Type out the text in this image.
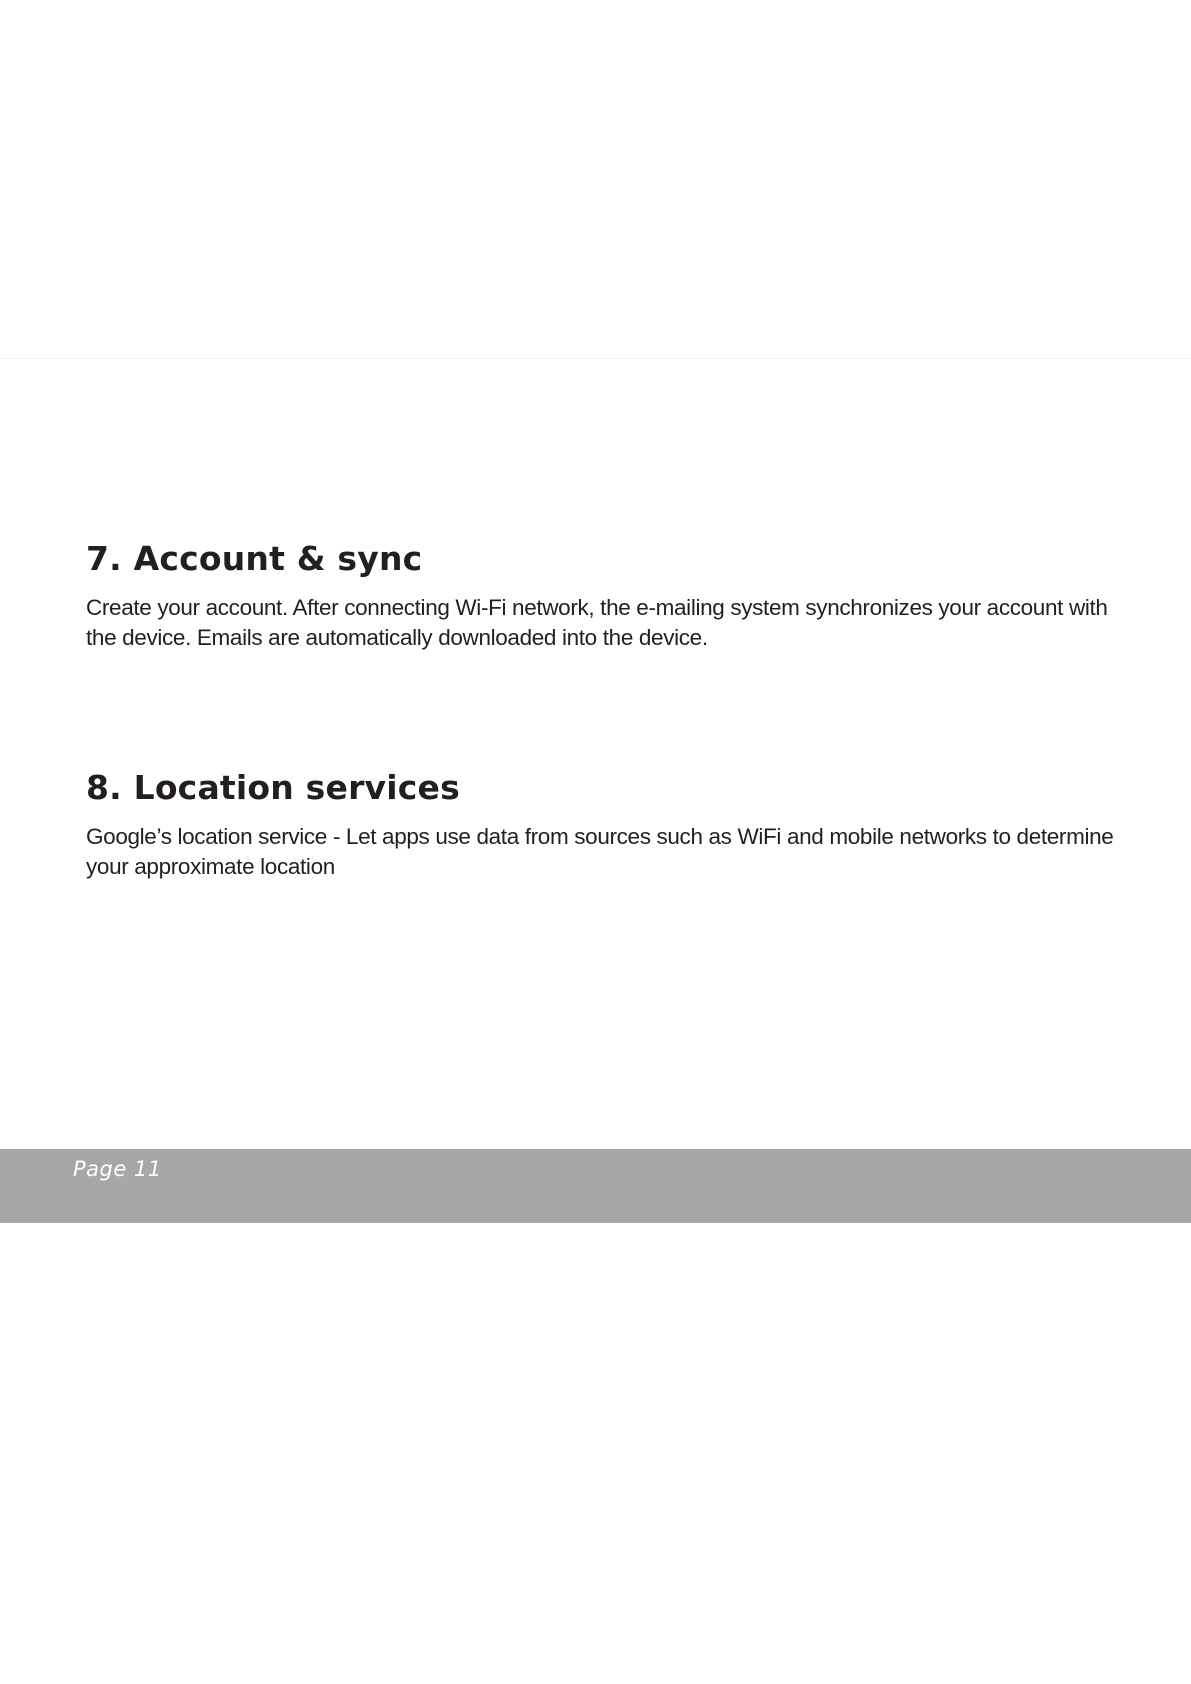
7. Account & sync

Create your account. After connecting Wi-Fi network, the e-mailing system synchronizes your account with the device. Emails are automatically downloaded into the device.

8. Location services

Google’s location service - Let apps use data from sources such as WiFi and mobile networks to determine your approximate location

Page 11
